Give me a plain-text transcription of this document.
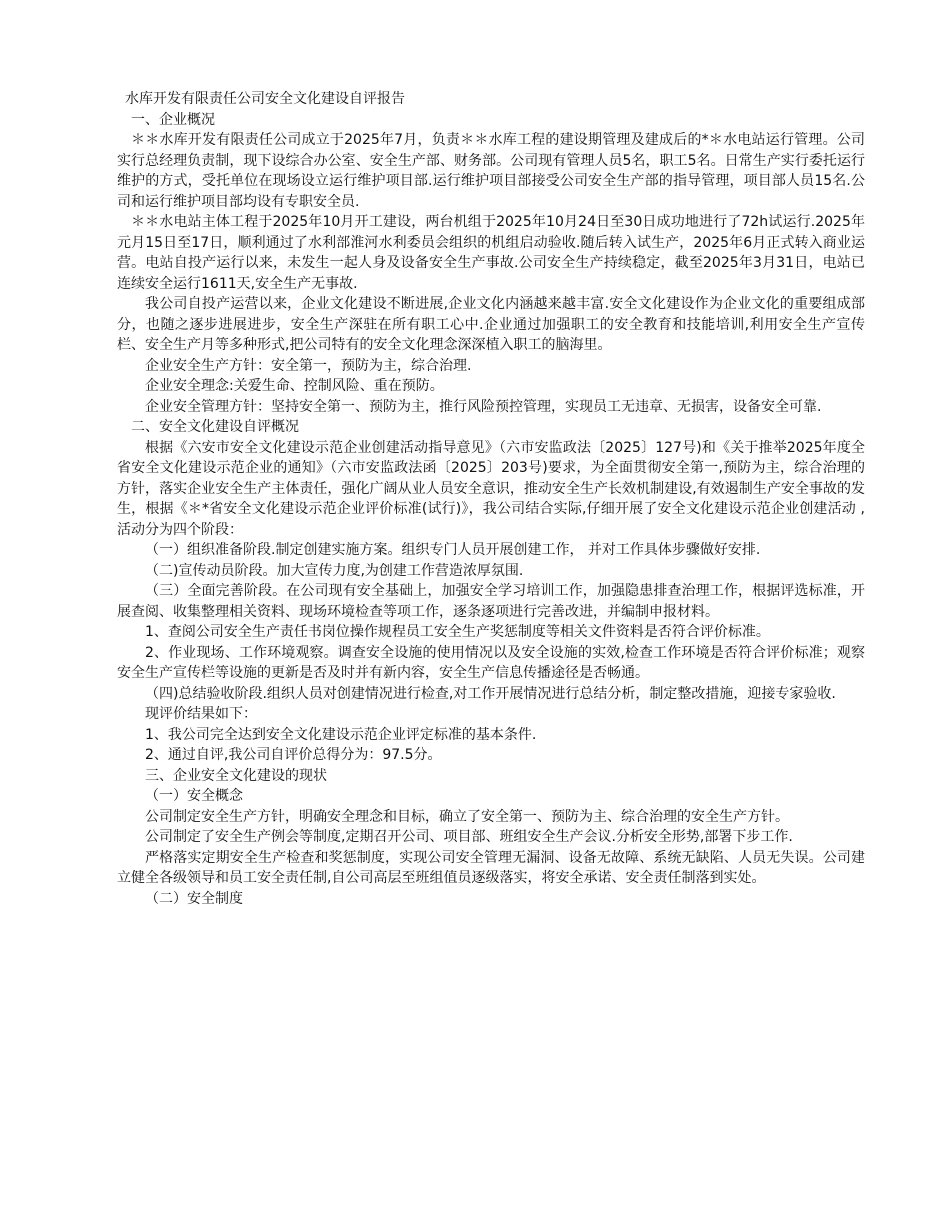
水库开发有限责任公司安全文化建设自评报告

一、企业概况

＊＊水库开发有限责任公司成立于2025年7月，负责＊＊水库工程的建设期管理及建成后的*＊水电站运行管理。公司实行总经理负责制，现下设综合办公室、安全生产部、财务部。公司现有管理人员5名，职工5名。日常生产实行委托运行维护的方式，受托单位在现场设立运行维护项目部.运行维护项目部接受公司安全生产部的指导管理，项目部人员15名.公司和运行维护项目部均设有专职安全员.

＊＊水电站主体工程于2025年10月开工建设，两台机组于2025年10月24日至30日成功地进行了72h试运行.2025年元月15日至17日，顺利通过了水利部淮河水利委员会组织的机组启动验收.随后转入试生产，2025年6月正式转入商业运营。电站自投产运行以来，未发生一起人身及设备安全生产事故.公司安全生产持续稳定，截至2025年3月31日，电站已连续安全运行1611天,安全生产无事故.

我公司自投产运营以来，企业文化建设不断进展,企业文化内涵越来越丰富.安全文化建设作为企业文化的重要组成部分，也随之逐步进展进步，安全生产深驻在所有职工心中.企业通过加强职工的安全教育和技能培训,利用安全生产宣传栏、安全生产月等多种形式,把公司特有的安全文化理念深深植入职工的脑海里。

企业安全生产方针：安全第一，预防为主，综合治理.

企业安全理念:关爱生命、控制风险、重在预防。

企业安全管理方针：坚持安全第一、预防为主，推行风险预控管理，实现员工无违章、无损害，设备安全可靠.

二、安全文化建设自评概况

根据《六安市安全文化建设示范企业创建活动指导意见》（六市安监政法〔2025〕127号)和《关于推举2025年度全省安全文化建设示范企业的通知》（六市安监政法函〔2025〕203号)要求，为全面贯彻安全第一,预防为主，综合治理的方针，落实企业安全生产主体责任，强化广阔从业人员安全意识，推动安全生产长效机制建设,有效遏制生产安全事故的发生，根据《＊*省安全文化建设示范企业评价标准(试行)》，我公司结合实际,仔细开展了安全文化建设示范企业创建活动 ,活动分为四个阶段：

（一）组织准备阶段.制定创建实施方案。组织专门人员开展创建工作， 并对工作具体步骤做好安排.

（二)宣传动员阶段。加大宣传力度,为创建工作营造浓厚氛围.

（三）全面完善阶段。在公司现有安全基础上，加强安全学习培训工作，加强隐患排查治理工作，根据评选标准，开展查阅、收集整理相关资料、现场环境检查等项工作，逐条逐项进行完善改进，并编制申报材料。

1、查阅公司安全生产责任书岗位操作规程员工安全生产奖惩制度等相关文件资料是否符合评价标准。

2、作业现场、工作环境观察。调查安全设施的使用情况以及安全设施的实效,检查工作环境是否符合评价标准；观察安全生产宣传栏等设施的更新是否及时并有新内容，安全生产信息传播途径是否畅通。

（四)总结验收阶段.组织人员对创建情况进行检查,对工作开展情况进行总结分析，制定整改措施，迎接专家验收.

现评价结果如下：

1、我公司完全达到安全文化建设示范企业评定标准的基本条件.

2、通过自评,我公司自评价总得分为：97.5分。

三、企业安全文化建设的现状

（一）安全概念

公司制定安全生产方针，明确安全理念和目标，确立了安全第一、预防为主、综合治理的安全生产方针。

公司制定了安全生产例会等制度,定期召开公司、项目部、班组安全生产会议.分析安全形势,部署下步工作.

严格落实定期安全生产检查和奖惩制度，实现公司安全管理无漏洞、设备无故障、系统无缺陷、人员无失误。公司建立健全各级领导和员工安全责任制,自公司高层至班组值员逐级落实，将安全承诺、安全责任制落到实处。

（二）安全制度
